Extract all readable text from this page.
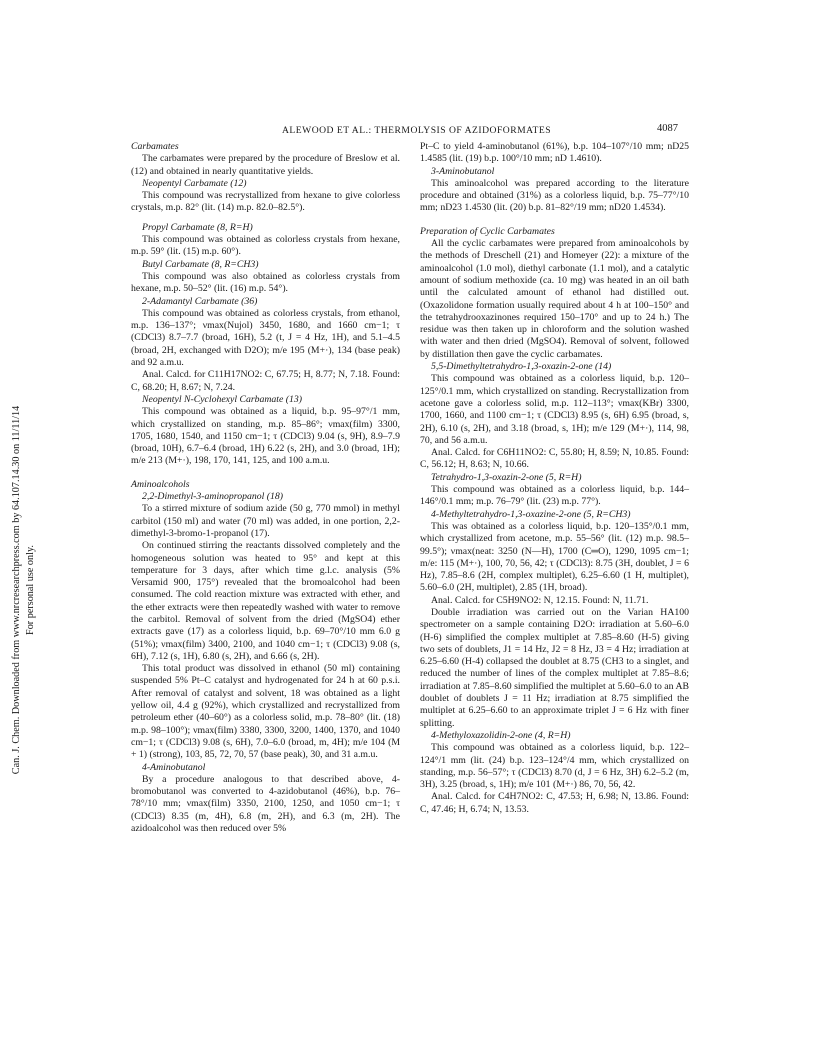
Can. J. Chem. Downloaded from www.nrcresearchpress.com by 64.107.14.30 on 11/11/14 For personal use only.
ALEWOOD ET AL.: THERMOLYSIS OF AZIDOFORMATES	4087

Carbamates

The carbamates were prepared by the procedure of Breslow et al. (12) and obtained in nearly quantitative yields.

Neopentyl Carbamate (12)

This compound was recrystallized from hexane to give colorless crystals, m.p. 82° (lit. (14) m.p. 82.0–82.5°).

Propyl Carbamate (8, R=H)

This compound was obtained as colorless crystals from hexane, m.p. 59° (lit. (15) m.p. 60°).

Butyl Carbamate (8, R=CH3)

This compound was also obtained as colorless crystals from hexane, m.p. 50–52° (lit. (16) m.p. 54°).

2-Adamantyl Carbamate (36)

This compound was obtained as colorless crystals, from ethanol, m.p. 136–137°; νmax(Nujol) 3450, 1680, and 1660 cm−1; τ (CDCl3) 8.7–7.7 (broad, 16H), 5.2 (t, J = 4 Hz, 1H), and 5.1–4.5 (broad, 2H, exchanged with D2O); m/e 195 (M+·), 134 (base peak) and 92 a.m.u.

Anal. Calcd. for C11H17NO2: C, 67.75; H, 8.77; N, 7.18. Found: C, 68.20; H, 8.67; N, 7.24.

Neopentyl N-Cyclohexyl Carbamate (13)

This compound was obtained as a liquid, b.p. 95–97°/1 mm, which crystallized on standing, m.p. 85–86°; νmax(film) 3300, 1705, 1680, 1540, and 1150 cm−1; τ (CDCl3) 9.04 (s, 9H), 8.9–7.9 (broad, 10H), 6.7–6.4 (broad, 1H) 6.22 (s, 2H), and 3.0 (broad, 1H); m/e 213 (M+·), 198, 170, 141, 125, and 100 a.m.u.

Aminoalcohols

2,2-Dimethyl-3-aminopropanol (18)

To a stirred mixture of sodium azide (50 g, 770 mmol) in methyl carbitol (150 ml) and water (70 ml) was added, in one portion, 2,2-dimethyl-3-bromo-1-propanol (17).

On continued stirring the reactants dissolved completely and the homogeneous solution was heated to 95° and kept at this temperature for 3 days, after which time g.l.c. analysis (5% Versamid 900, 175°) revealed that the bromoalcohol had been consumed. The cold reaction mixture was extracted with ether, and the ether extracts were then repeatedly washed with water to remove the carbitol. Removal of solvent from the dried (MgSO4) ether extracts gave (17) as a colorless liquid, b.p. 69–70°/10 mm 6.0 g (51%); νmax(film) 3400, 2100, and 1040 cm−1; τ (CDCl3) 9.08 (s, 6H), 7.12 (s, 1H), 6.80 (s, 2H), and 6.66 (s, 2H).

This total product was dissolved in ethanol (50 ml) containing suspended 5% Pt–C catalyst and hydrogenated for 24 h at 60 p.s.i. After removal of catalyst and solvent, 18 was obtained as a light yellow oil, 4.4 g (92%), which crystallized and recrystallized from petroleum ether (40–60°) as a colorless solid, m.p. 78–80° (lit. (18) m.p. 98–100°); νmax(film) 3380, 3300, 3200, 1400, 1370, and 1040 cm−1; τ (CDCl3) 9.08 (s, 6H), 7.0–6.0 (broad, m, 4H); m/e 104 (M + 1) (strong), 103, 85, 72, 70, 57 (base peak), 30, and 31 a.m.u.

4-Aminobutanol

By a procedure analogous to that described above, 4-bromobutanol was converted to 4-azidobutanol (46%), b.p. 76–78°/10 mm; νmax(film) 3350, 2100, 1250, and 1050 cm−1; τ (CDCl3) 8.35 (m, 4H), 6.8 (m, 2H), and 6.3 (m, 2H). The azidoalcohol was then reduced over 5%

Pt–C to yield 4-aminobutanol (61%), b.p. 104–107°/10 mm; nD25 1.4585 (lit. (19) b.p. 100°/10 mm; nD 1.4610).

3-Aminobutanol

This aminoalcohol was prepared according to the literature procedure and obtained (31%) as a colorless liquid, b.p. 75–77°/10 mm; nD23 1.4530 (lit. (20) b.p. 81–82°/19 mm; nD20 1.4534).

Preparation of Cyclic Carbamates

All the cyclic carbamates were prepared from aminoalcohols by the methods of Dreschell (21) and Homeyer (22): a mixture of the aminoalcohol (1.0 mol), diethyl carbonate (1.1 mol), and a catalytic amount of sodium methoxide (ca. 10 mg) was heated in an oil bath until the calculated amount of ethanol had distilled out. (Oxazolidone formation usually required about 4 h at 100–150° and the tetrahydrooxazinones required 150–170° and up to 24 h.) The residue was then taken up in chloroform and the solution washed with water and then dried (MgSO4). Removal of solvent, followed by distillation then gave the cyclic carbamates.

5,5-Dimethyltetrahydro-1,3-oxazin-2-one (14)

This compound was obtained as a colorless liquid, b.p. 120–125°/0.1 mm, which crystallized on standing. Recrystallization from acetone gave a colorless solid, m.p. 112–113°; νmax(KBr) 3300, 1700, 1660, and 1100 cm−1; τ (CDCl3) 8.95 (s, 6H) 6.95 (broad, s, 2H), 6.10 (s, 2H), and 3.18 (broad, s, 1H); m/e 129 (M+·), 114, 98, 70, and 56 a.m.u.

Anal. Calcd. for C6H11NO2: C, 55.80; H, 8.59; N, 10.85. Found: C, 56.12; H, 8.63; N, 10.66.

Tetrahydro-1,3-oxazin-2-one (5, R=H)

This compound was obtained as a colorless liquid, b.p. 144–146°/0.1 mm; m.p. 76–79° (lit. (23) m.p. 77°).

4-Methyltetrahydro-1,3-oxazine-2-one (5, R=CH3)

This was obtained as a colorless liquid, b.p. 120–135°/0.1 mm, which crystallized from acetone, m.p. 55–56° (lit. (12) m.p. 98.5–99.5°); νmax(neat: 3250 (N—H), 1700 (C═O), 1290, 1095 cm−1; m/e: 115 (M+·), 100, 70, 56, 42; τ (CDCl3): 8.75 (3H, doublet, J = 6 Hz), 7.85–8.6 (2H, complex multiplet), 6.25–6.60 (1 H, multiplet), 5.60–6.0 (2H, multiplet), 2.85 (1H, broad).

Anal. Calcd. for C5H9NO2: N, 12.15. Found: N, 11.71.

Double irradiation was carried out on the Varian HA100 spectrometer on a sample containing D2O: irradiation at 5.60–6.0 (H-6) simplified the complex multiplet at 7.85–8.60 (H-5) giving two sets of doublets, J1 = 14 Hz, J2 = 8 Hz, J3 = 4 Hz; irradiation at 6.25–6.60 (H-4) collapsed the doublet at 8.75 (CH3 to a singlet, and reduced the number of lines of the complex multiplet at 7.85–8.6; irradiation at 7.85–8.60 simplified the multiplet at 5.60–6.0 to an AB doublet of doublets J = 11 Hz; irradiation at 8.75 simplified the multiplet at 6.25–6.60 to an approximate triplet J = 6 Hz with finer splitting.

4-Methyloxazolidin-2-one (4, R=H)

This compound was obtained as a colorless liquid, b.p. 122–124°/1 mm (lit. (24) b.p. 123–124°/4 mm, which crystallized on standing, m.p. 56–57°; τ (CDCl3) 8.70 (d, J = 6 Hz, 3H) 6.2–5.2 (m, 3H), 3.25 (broad, s, 1H); m/e 101 (M+·) 86, 70, 56, 42.

Anal. Calcd. for C4H7NO2: C, 47.53; H, 6.98; N, 13.86. Found: C, 47.46; H, 6.74; N, 13.53.
